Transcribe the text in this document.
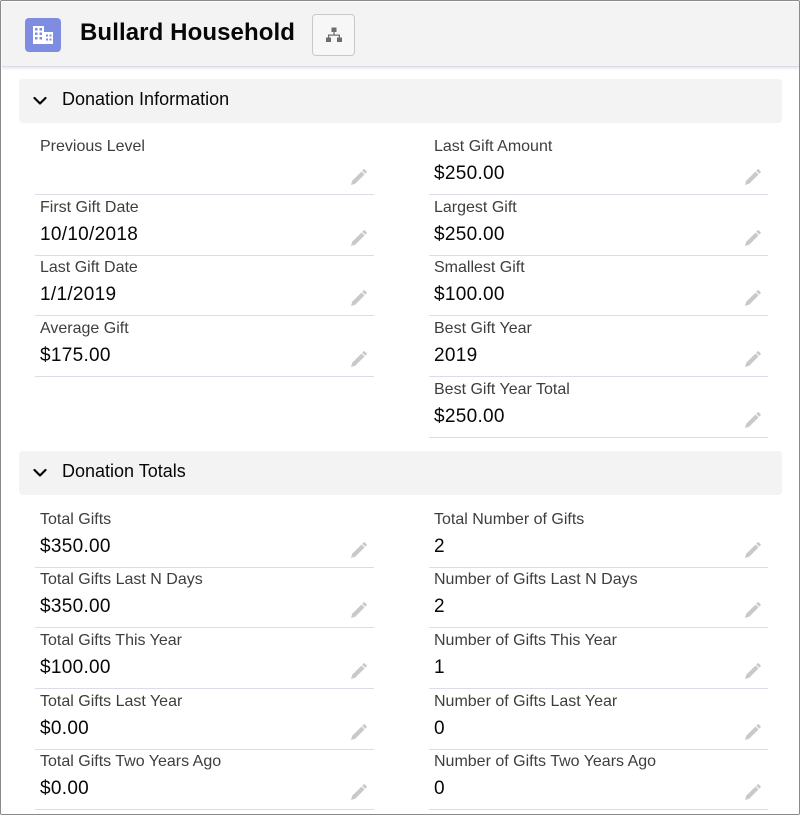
Bullard Household
Donation Information
Previous Level
First Gift Date
10/10/2018
Last Gift Date
1/1/2019
Average Gift
$175.00
Last Gift Amount
$250.00
Largest Gift
$250.00
Smallest Gift
$100.00
Best Gift Year
2019
Best Gift Year Total
$250.00
Donation Totals
Total Gifts
$350.00
Total Gifts Last N Days
$350.00
Total Gifts This Year
$100.00
Total Gifts Last Year
$0.00
Total Gifts Two Years Ago
$0.00
Total Number of Gifts
2
Number of Gifts Last N Days
2
Number of Gifts This Year
1
Number of Gifts Last Year
0
Number of Gifts Two Years Ago
0
